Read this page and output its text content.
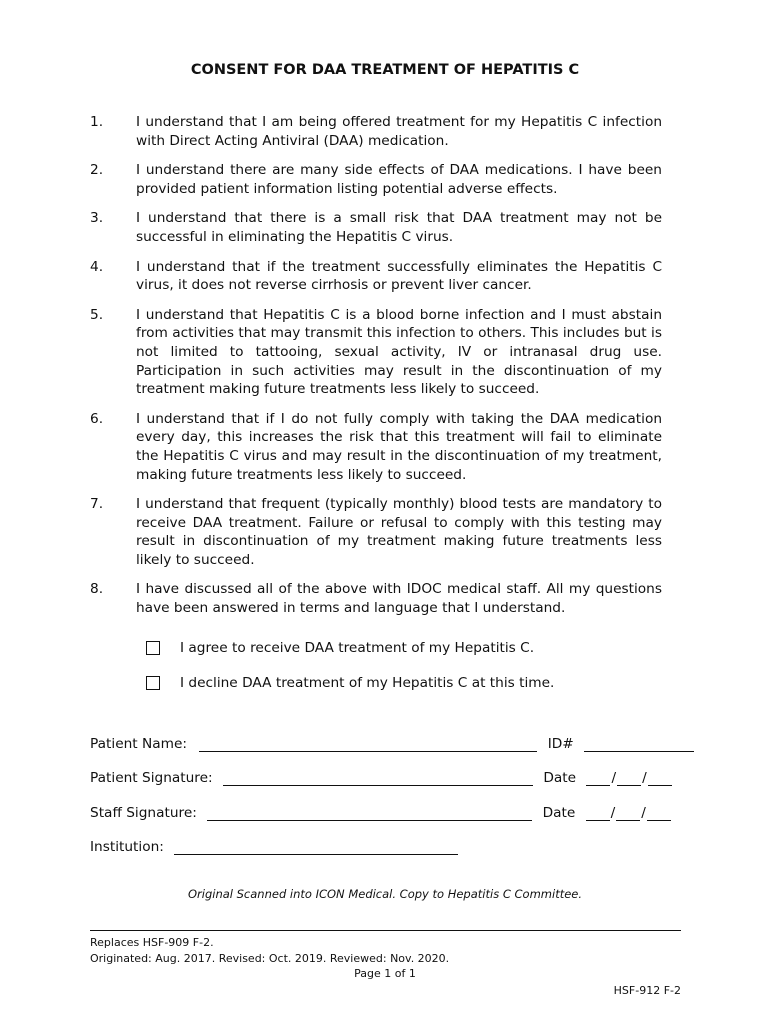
CONSENT FOR DAA TREATMENT OF HEPATITIS C
1.	I understand that I am being offered treatment for my Hepatitis C infection with Direct Acting Antiviral (DAA) medication.
2.	I understand there are many side effects of DAA medications. I have been provided patient information listing potential adverse effects.
3.	I understand that there is a small risk that DAA treatment may not be successful in eliminating the Hepatitis C virus.
4.	I understand that if the treatment successfully eliminates the Hepatitis C virus, it does not reverse cirrhosis or prevent liver cancer.
5.	I understand that Hepatitis C is a blood borne infection and I must abstain from activities that may transmit this infection to others. This includes but is not limited to tattooing, sexual activity, IV or intranasal drug use. Participation in such activities may result in the discontinuation of my treatment making future treatments less likely to succeed.
6.	I understand that if I do not fully comply with taking the DAA medication every day, this increases the risk that this treatment will fail to eliminate the Hepatitis C virus and may result in the discontinuation of my treatment, making future treatments less likely to succeed.
7.	I understand that frequent (typically monthly) blood tests are mandatory to receive DAA treatment. Failure or refusal to comply with this testing may result in discontinuation of my treatment making future treatments less likely to succeed.
8.	I have discussed all of the above with IDOC medical staff. All my questions have been answered in terms and language that I understand.
I agree to receive DAA treatment of my Hepatitis C.
I decline DAA treatment of my Hepatitis C at this time.
Patient Name:	ID#
Patient Signature:	Date	/ /
Staff Signature:	Date	/ /
Institution:
Original Scanned into ICON Medical. Copy to Hepatitis C Committee.
Replaces HSF-909 F-2.
Originated: Aug. 2017. Revised: Oct. 2019. Reviewed: Nov. 2020.
Page 1 of 1
HSF-912 F-2
